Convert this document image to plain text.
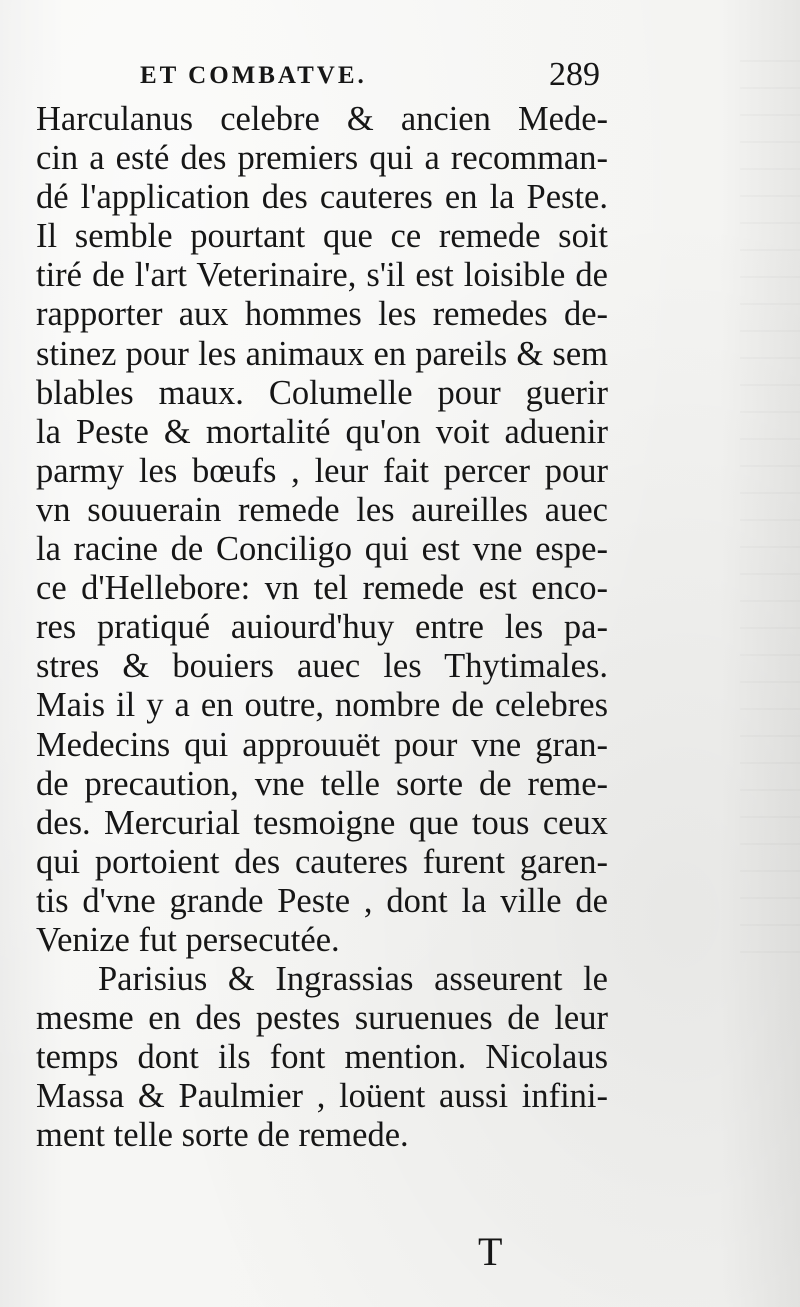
ET COMBATVE.	289
Harculanus celebre & ancien Mede-
cin a esté des premiers qui a recomman-
dé l'application des cauteres en la Peste.
Il semble pourtant que ce remede soit
tiré de l'art Veterinaire, s'il est loisible de
rapporter aux hommes les remedes de-
stinez pour les animaux en pareils & sem
blables maux. Columelle pour guerir
la Peste & mortalité qu'on voit aduenir
parmy les bœufs , leur fait percer pour
vn souuerain remede les aureilles auec
la racine de Conciligo qui est vne espe-
ce d'Hellebore: vn tel remede est enco-
res pratiqué auiourd'huy entre les pa-
stres & bouiers auec les Thytimales.
Mais il y a en outre, nombre de celebres
Medecins qui approuuët pour vne gran-
de precaution, vne telle sorte de reme-
des. Mercurial tesmoigne que tous ceux
qui portoient des cauteres furent garen-
tis d'vne grande Peste , dont la ville de
Venize fut persecutée.
Parisius & Ingrassias asseurent le
mesme en des pestes suruenues de leur
temps dont ils font mention. Nicolaus
Massa & Paulmier , loüent aussi infini-
ment telle sorte de remede.
T
